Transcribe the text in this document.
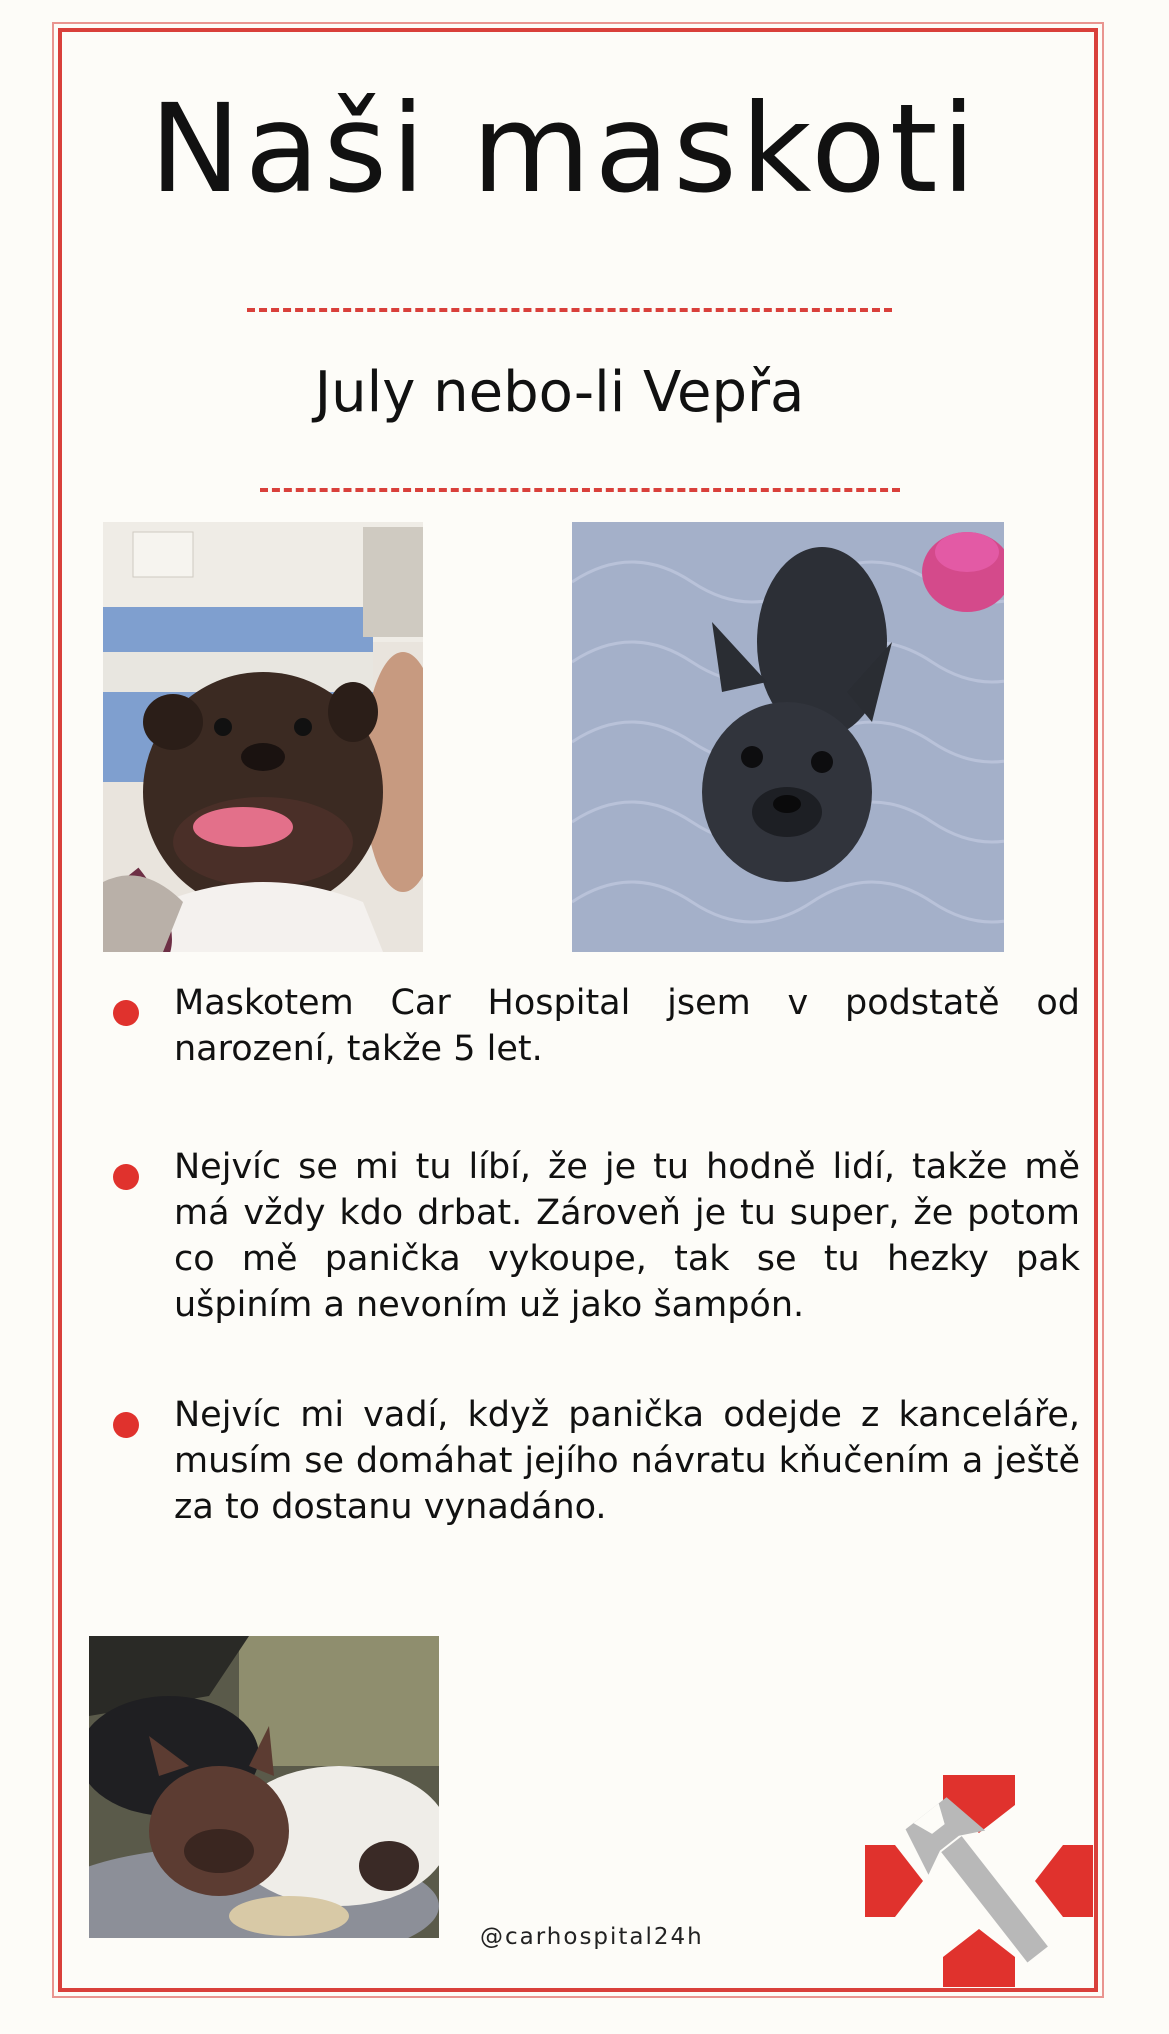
Naši maskoti
July nebo-li Vepřa
Maskotem Car Hospital jsem v podstatě od narození, takže 5 let.
Nejvíc se mi tu líbí, že je tu hodně lidí, takže mě má vždy kdo drbat. Zároveň je tu super, že potom co mě panička vykoupe, tak se tu hezky pak ušpiním a nevoním už jako šampón.
Nejvíc mi vadí, když panička odejde z kanceláře, musím se domáhat jejího návratu kňučením a ještě za to dostanu vynadáno.
@carhospital24h
